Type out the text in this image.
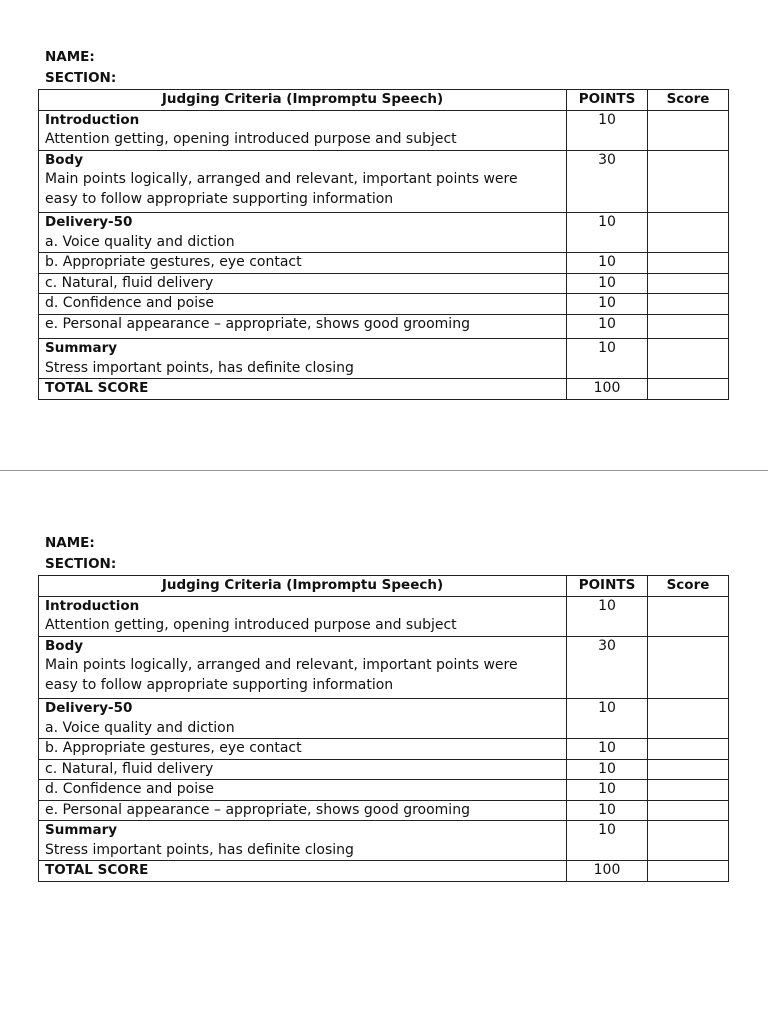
NAME:
SECTION:
Judging Criteria (Impromptu Speech)	POINTS	Score

Introduction
Attention getting, opening introduced purpose and subject	10	

Body
Main points logically, arranged and relevant, important points were
easy to follow appropriate supporting information	30	

Delivery-50
a. Voice quality and diction	10	
b. Appropriate gestures, eye contact	10	
c. Natural, fluid delivery	10	
d. Confidence and poise	10	
e. Personal appearance – appropriate, shows good grooming	10	

Summary
Stress important points, has definite closing	10	
TOTAL SCORE	100	
NAME:
SECTION:
Judging Criteria (Impromptu Speech)	POINTS	Score

Introduction
Attention getting, opening introduced purpose and subject	10	

Body
Main points logically, arranged and relevant, important points were
easy to follow appropriate supporting information	30	

Delivery-50
a. Voice quality and diction	10	
b. Appropriate gestures, eye contact	10	
c. Natural, fluid delivery	10	
d. Confidence and poise	10	
e. Personal appearance – appropriate, shows good grooming	10	

Summary
Stress important points, has definite closing	10	
TOTAL SCORE	100	
